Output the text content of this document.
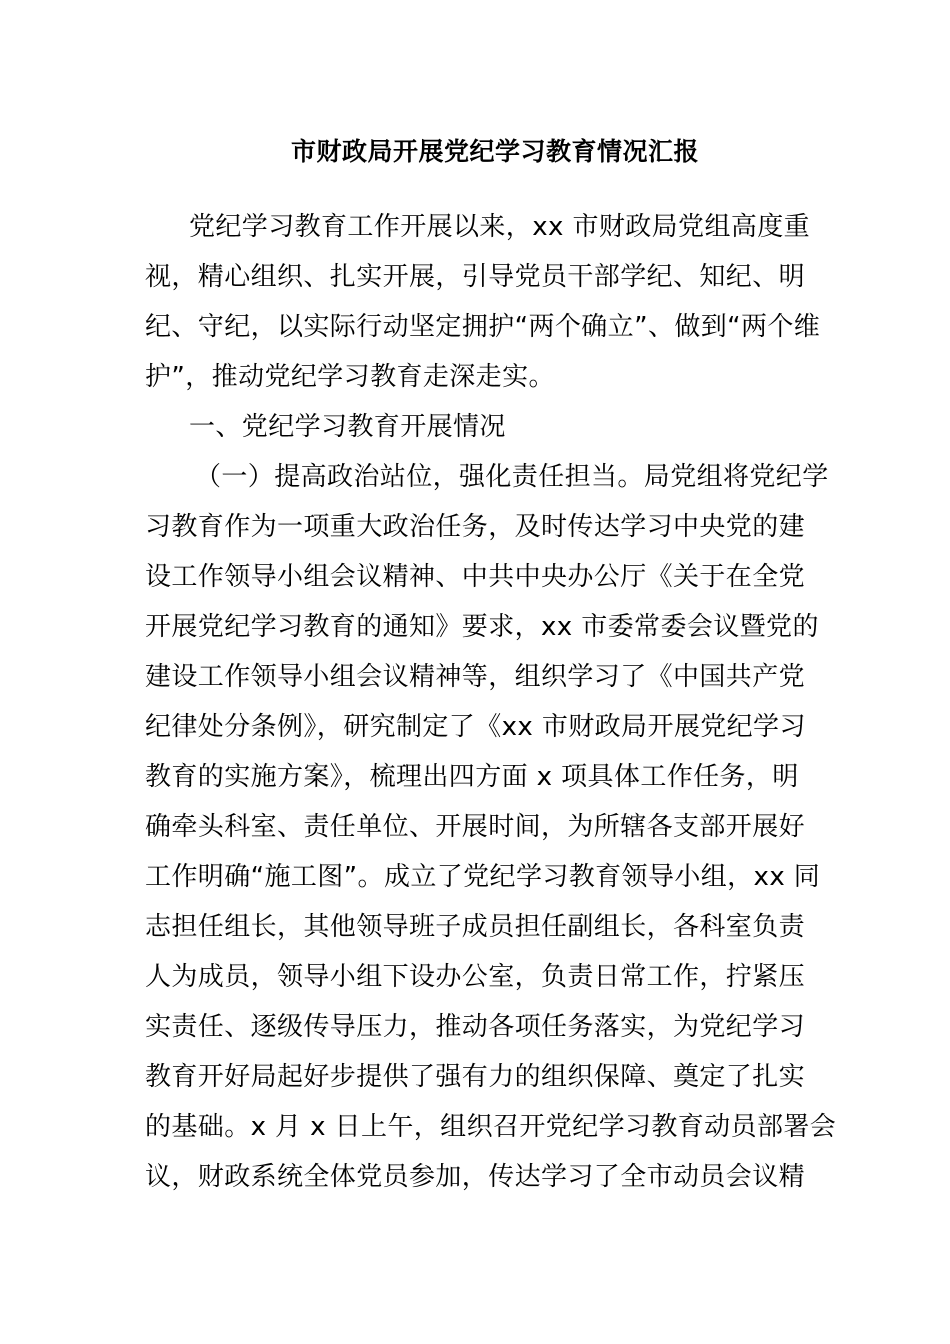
市财政局开展党纪学习教育情况汇报
党纪学习教育工作开展以来，xx 市财政局党组高度重
视，精心组织、扎实开展，引导党员干部学纪、知纪、明
纪、守纪，以实际行动坚定拥护“两个确立”、做到“两个维
护”，推动党纪学习教育走深走实。
一、党纪学习教育开展情况
（一）提高政治站位，强化责任担当。局党组将党纪学
习教育作为一项重大政治任务，及时传达学习中央党的建
设工作领导小组会议精神、中共中央办公厅《关于在全党
开展党纪学习教育的通知》要求，xx 市委常委会议暨党的
建设工作领导小组会议精神等，组织学习了《中国共产党
纪律处分条例》，研究制定了《xx 市财政局开展党纪学习
教育的实施方案》，梳理出四方面 x 项具体工作任务，明
确牵头科室、责任单位、开展时间，为所辖各支部开展好
工作明确“施工图”。成立了党纪学习教育领导小组，xx 同
志担任组长，其他领导班子成员担任副组长，各科室负责
人为成员，领导小组下设办公室，负责日常工作，拧紧压
实责任、逐级传导压力，推动各项任务落实，为党纪学习
教育开好局起好步提供了强有力的组织保障、奠定了扎实
的基础。x 月 x 日上午，组织召开党纪学习教育动员部署会
议，财政系统全体党员参加，传达学习了全市动员会议精
